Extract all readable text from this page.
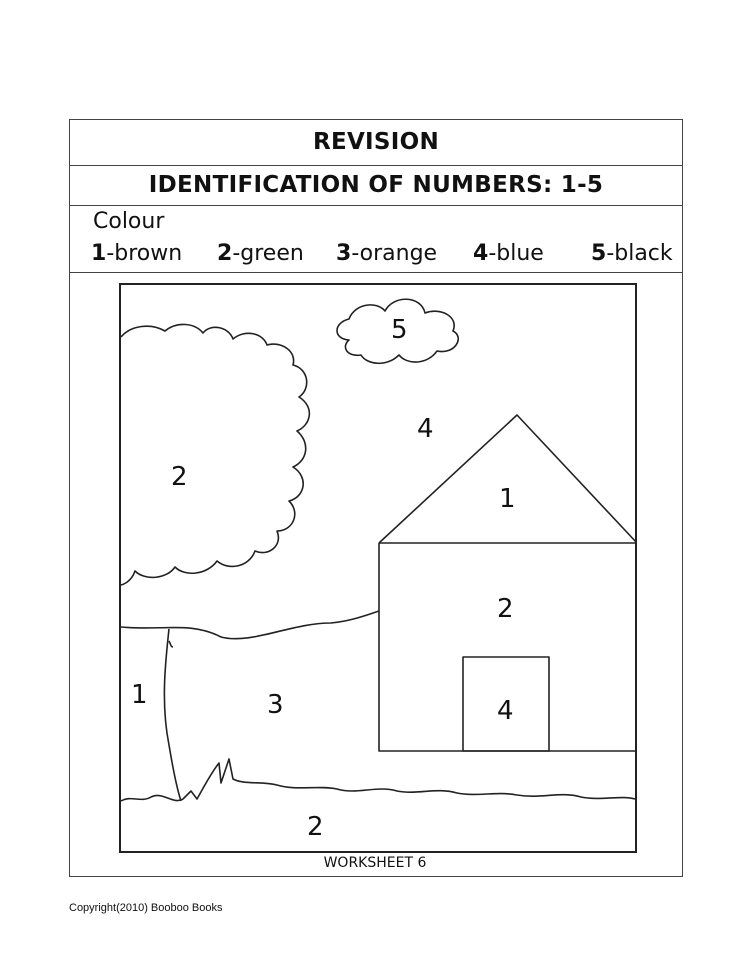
REVISION
IDENTIFICATION OF NUMBERS: 1-5
Colour
1-brown 2-green 3-orange 4-blue 5-black
5
4
1
2
2
4
1	3
2
WORKSHEET 6
Copyright(2010) Booboo Books
